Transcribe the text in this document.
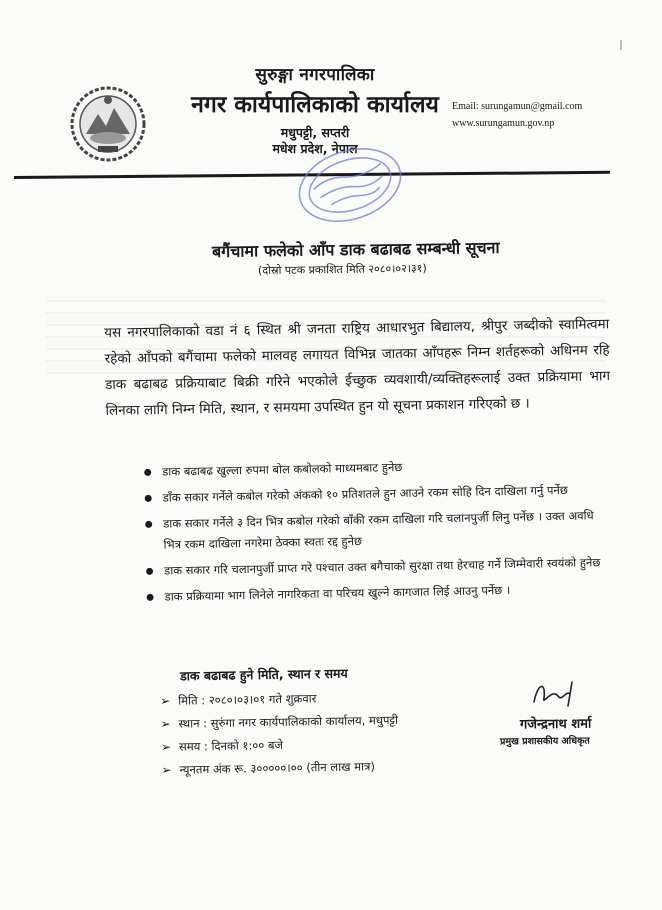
सुरुङ्गा नगरपालिका
नगर कार्यपालिकाको कार्यालय
मधुपट्टी, सप्तरी
मधेश प्रदेश, नेपाल
Email: surungamun@gmail.com
www.surungamun.gov.np
बगैंचामा फलेको आँप डाक बढाबढ सम्बन्धी सूचना
(दोस्रो पटक प्रकाशित मिति २०८०।०२।३१)
यस नगरपालिकाको वडा नं ६ स्थित श्री जनता राष्ट्रिय आधारभुत बिद्यालय, श्रीपुर जब्दीको स्वामित्वमा रहेको आँपको बगैंचामा फलेको मालवह लगायत विभिन्न जातका आँपहरू निम्न शर्तहरूको अधिनम रहि डाक बढाबढ प्रक्रियाबाट बिक्री गरिने भएकोले ईच्छुक व्यवशायी/व्यक्तिहरूलाई उक्त प्रक्रियामा भाग लिनका लागि निम्न मिति, स्थान, र समयमा उपस्थित हुन यो सूचना प्रकाशन गरिएको छ ।
डाक बढाबढ खुल्ला रुपमा बोल कबोलको माध्यमबाट हुनेछ
डाँक सकार गर्नेले कबोल गरेको अंकको १० प्रतिशतले हुन आउने रकम सोहि दिन दाखिला गर्नु पर्नेछ
डाक सकार गर्नेले ३ दिन भित्र कबोल गरेको बाँकी रकम दाखिला गरि चलानपुर्जी लिनु पर्नेछ । उक्त अवधि भित्र रकम दाखिला नगरेमा ठेक्का स्वतः रद्द हुनेछ
डाक सकार गरि चलानपुर्जी प्राप्त गरे पश्चात उक्त बगैचाको सुरक्षा तथा हेरचाह गर्ने जिम्मेवारी स्वयंको हुनेछ
डाक प्रक्रियामा भाग लिनेले नागरिकता वा परिचय खुल्ने कागजात लिई आउनु पर्नेछ ।
डाक बढाबढ हुने मिति, स्थान र समय
➢ मिति : २०८०।०३।०१ गते शुक्रवार
➢ स्थान : सुरुंगा नगर कार्यपालिकाको कार्यालय, मधुपट्टी
➢ समय : दिनको १:०० बजे
➢ न्यूनतम अंक रू. ३०००००।०० (तीन लाख मात्र)
गजेन्द्रनाथ शर्मा
प्रमुख प्रशासकीय अधिकृत
